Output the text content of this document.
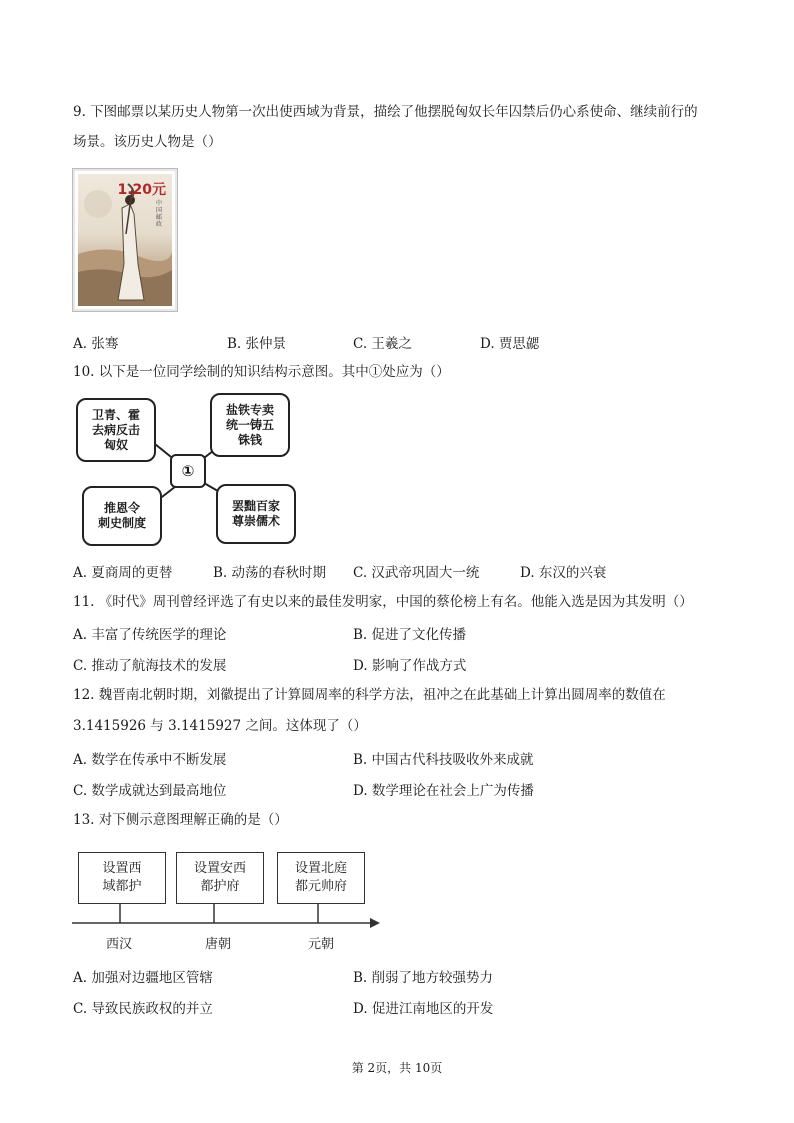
9. 下图邮票以某历史人物第一次出使西域为背景，描绘了他摆脱匈奴长年囚禁后仍心系使命、继续前行的
场景。该历史人物是（）
1.20元
中国邮政
A. 张骞	B. 张仲景	C. 王羲之	D. 贾思勰
10. 以下是一位同学绘制的知识结构示意图。其中①处应为（）
卫青、霍
去病反击
匈奴
盐铁专卖
统一铸五
铢钱
①
推恩令
刺史制度
罢黜百家
尊崇儒术
A. 夏商周的更替	B. 动荡的春秋时期 C. 汉武帝巩固大一统	D. 东汉的兴衰
11. 《时代》周刊曾经评选了有史以来的最佳发明家，中国的蔡伦榜上有名。他能入选是因为其发明（）
A. 丰富了传统医学的理论	B. 促进了文化传播
C. 推动了航海技术的发展	D. 影响了作战方式
12. 魏晋南北朝时期，刘徽提出了计算圆周率的科学方法，祖冲之在此基础上计算出圆周率的数值在
3.1415926 与 3.1415927 之间。这体现了（）
A. 数学在传承中不断发展	B. 中国古代科技吸收外来成就
C. 数学成就达到最高地位	D. 数学理论在社会上广为传播
13. 对下侧示意图理解正确的是（）
设置西
域都护
设置安西
都护府
设置北庭
都元帅府
西汉	唐朝	元朝
A. 加强对边疆地区管辖	B. 削弱了地方较强势力
C. 导致民族政权的并立	D. 促进江南地区的开发
第 2页，共 10页
